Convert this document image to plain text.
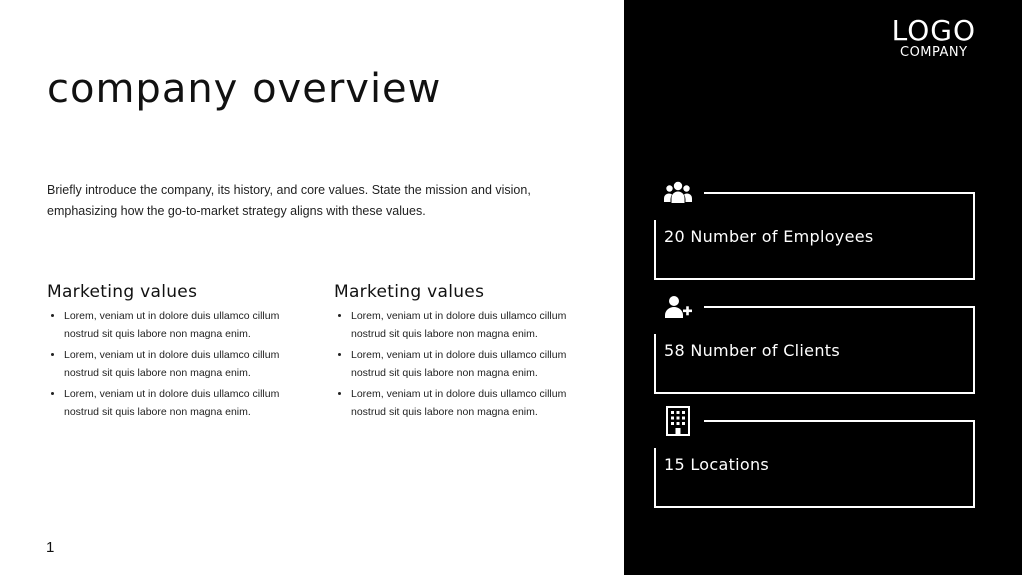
company overview

Briefly introduce the company, its history, and core values. State the mission and vision, emphasizing how the go-to-market strategy aligns with these values.

Marketing values
• Lorem, veniam ut in dolore duis ullamco cillum nostrud sit quis labore non magna enim.
• Lorem, veniam ut in dolore duis ullamco cillum nostrud sit quis labore non magna enim.
• Lorem, veniam ut in dolore duis ullamco cillum nostrud sit quis labore non magna enim.
Marketing values
• Lorem, veniam ut in dolore duis ullamco cillum nostrud sit quis labore non magna enim.
• Lorem, veniam ut in dolore duis ullamco cillum nostrud sit quis labore non magna enim.
• Lorem, veniam ut in dolore duis ullamco cillum nostrud sit quis labore non magna enim.
1
LOGO
COMPANY
20 Number of Employees
58 Number of Clients
15 Locations
